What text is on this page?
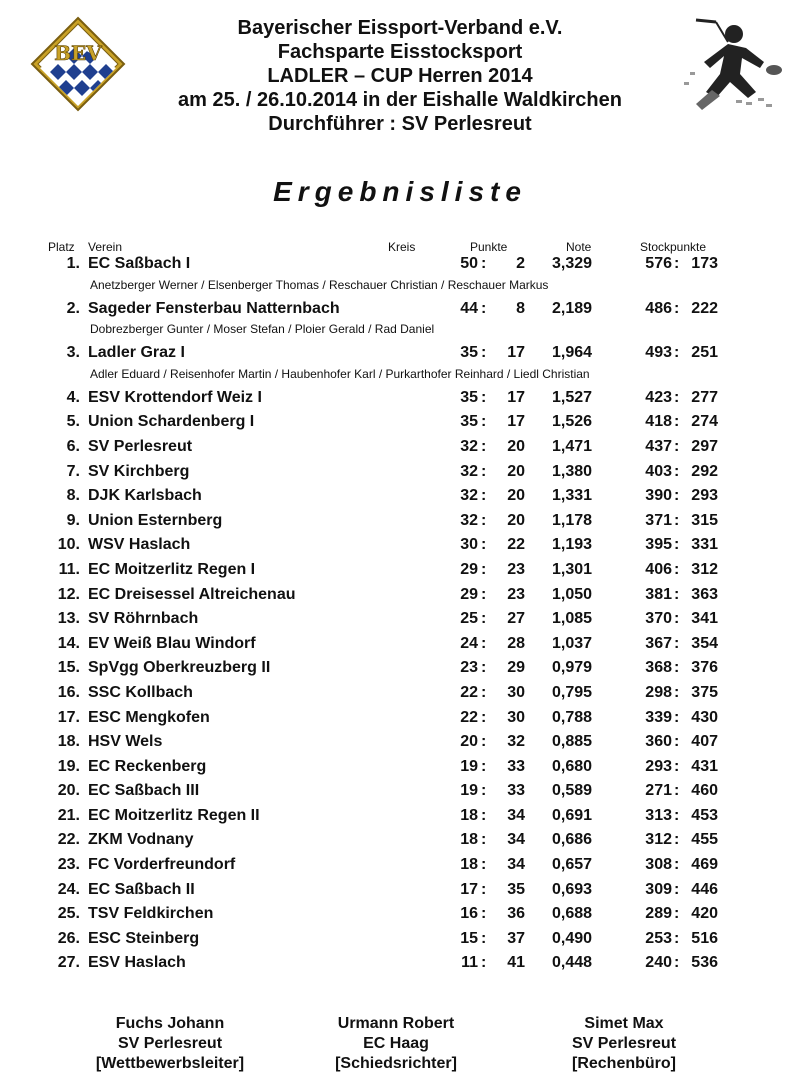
BEV
Bayerischer Eissport-Verband e.V.
Fachsparte Eisstocksport
LADLER – CUP Herren 2014
am 25. / 26.10.2014 in der Eishalle Waldkirchen
Durchführer : SV Perlesreut
Ergebnisliste
Platz Verein	Kreis	Punkte	Note	Stockpunkte
1. EC Saßbach I	50 :	2 3,329	576 : 173
Anetzberger Werner / Elsenberger Thomas / Reschauer Christian / Reschauer Markus
2. Sageder Fensterbau Natternbach	44 :	8 2,189	486 : 222
Dobrezberger Gunter / Moser Stefan / Ploier Gerald / Rad Daniel
3. Ladler Graz I	35 :	17 1,964	493 : 251
Adler Eduard / Reisenhofer Martin / Haubenhofer Karl / Purkarthofer Reinhard / Liedl Christian
4. ESV Krottendorf Weiz I	35 :	17 1,527	423 : 277
5. Union Schardenberg I	35 :	17 1,526	418 : 274
6. SV Perlesreut	32 :	20 1,471	437 : 297
7. SV Kirchberg	32 :	20 1,380	403 : 292
8. DJK Karlsbach	32 :	20 1,331	390 : 293
9. Union Esternberg	32 :	20 1,178	371 : 315
10. WSV Haslach	30 :	22 1,193	395 : 331
11. EC Moitzerlitz Regen I	29 :	23 1,301	406 : 312
12. EC Dreisessel Altreichenau	29 :	23 1,050	381 : 363
13. SV Röhrnbach	25 :	27 1,085	370 : 341
14. EV Weiß Blau Windorf	24 :	28 1,037	367 : 354
15. SpVgg Oberkreuzberg II	23 :	29 0,979	368 : 376
16. SSC Kollbach	22 :	30 0,795	298 : 375
17. ESC Mengkofen	22 :	30 0,788	339 : 430
18. HSV Wels	20 :	32 0,885	360 : 407
19. EC Reckenberg	19 :	33 0,680	293 : 431
20. EC Saßbach III	19 :	33 0,589	271 : 460
21. EC Moitzerlitz Regen II	18 :	34 0,691	313 : 453
22. ZKM Vodnany	18 :	34 0,686	312 : 455
23. FC Vorderfreundorf	18 :	34 0,657	308 : 469
24. EC Saßbach II	17 :	35 0,693	309 : 446
25. TSV Feldkirchen	16 :	36 0,688	289 : 420
26. ESC Steinberg	15 :	37 0,490	253 : 516
27. ESV Haslach	11 :	41 0,448	240 : 536
Fuchs Johann
SV Perlesreut
[Wettbewerbsleiter]
Urmann Robert
EC Haag
[Schiedsrichter]
Simet Max
SV Perlesreut
[Rechenbüro]
